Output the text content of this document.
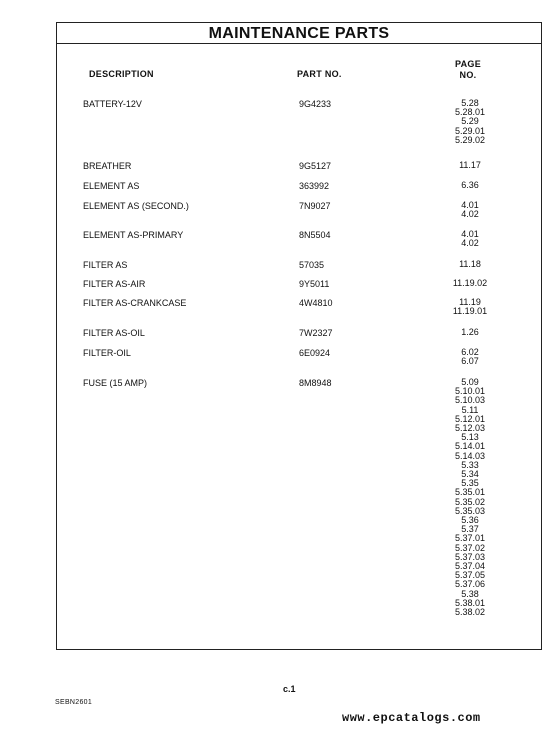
MAINTENANCE PARTS
DESCRIPTION	PART NO.
PAGE
NO.
BATTERY-12V	9G4233	5.28
5.28.01
5.29
5.29.01
5.29.02
BREATHER	9G5127	11.17
ELEMENT AS	363992	6.36
ELEMENT AS (SECOND.)	7N9027	4.01
4.02
ELEMENT AS-PRIMARY	8N5504	4.01
4.02
FILTER AS	57035	11.18
FILTER AS-AIR	9Y5011	11.19.02
FILTER AS-CRANKCASE	4W4810	11.19
11.19.01
FILTER AS-OIL	7W2327	1.26
FILTER-OIL	6E0924	6.02
6.07
FUSE (15 AMP)	8M8948	5.09
5.10.01
5.10.03
5.11
5.12.01
5.12.03
5.13
5.14.01
5.14.03
5.33
5.34
5.35
5.35.01
5.35.02
5.35.03
5.36
5.37
5.37.01
5.37.02
5.37.03
5.37.04
5.37.05
5.37.06
5.38
5.38.01
5.38.02
c.1
SEBN2601
www.epcatalogs.com
